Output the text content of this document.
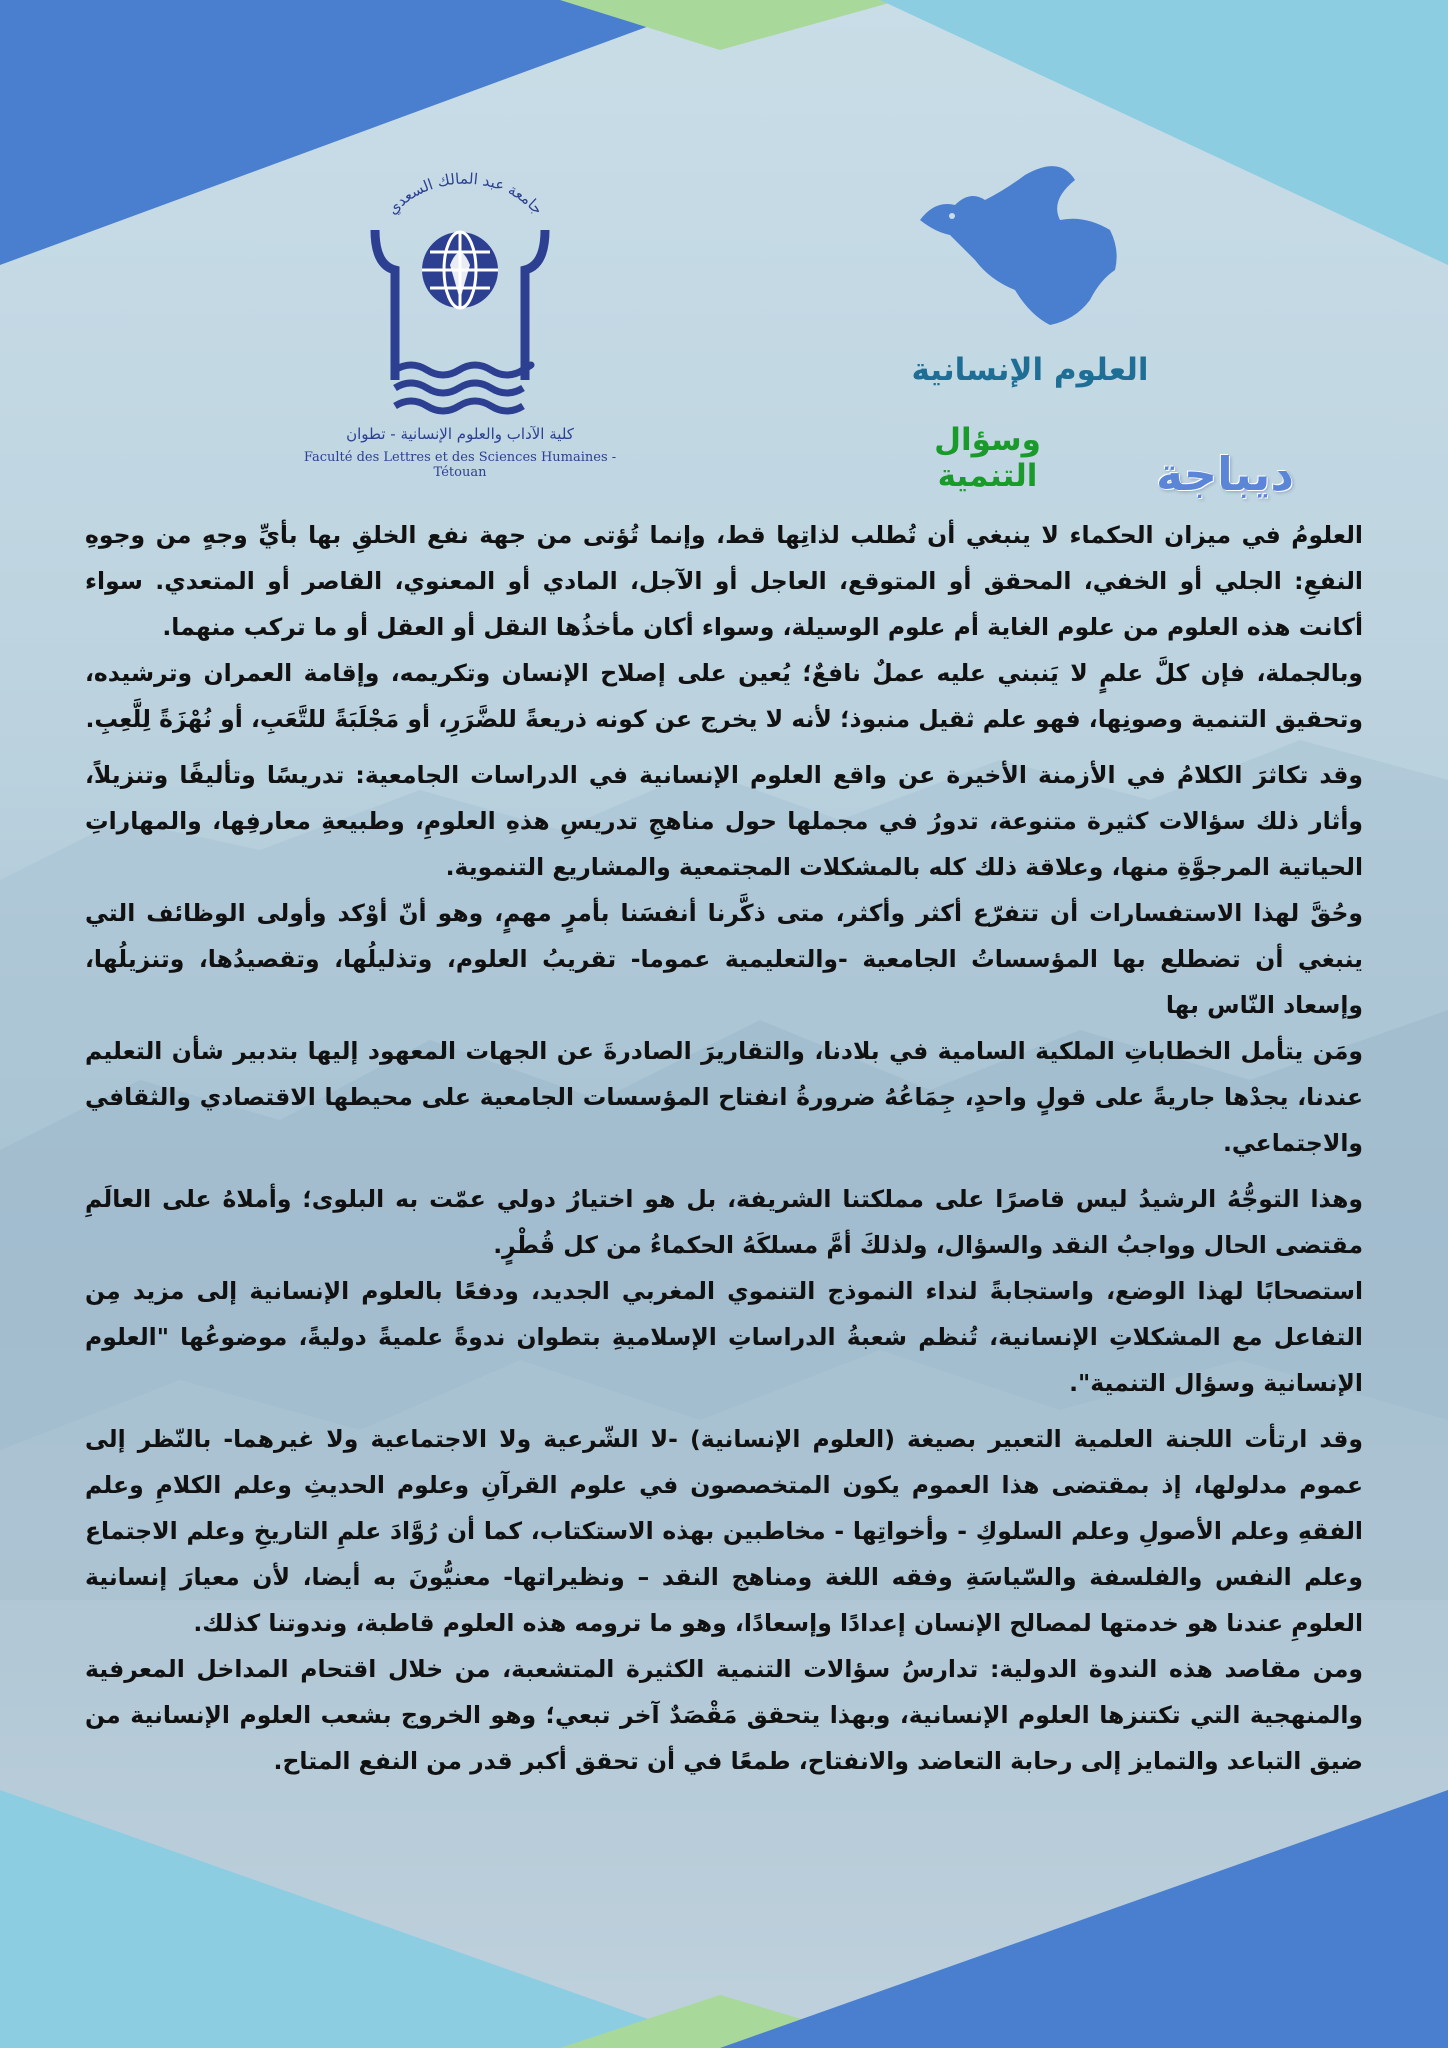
جامعة عبد المالك السعدي
كلية الآداب والعلوم الإنسانية - تطوان
Faculté des Lettres et des Sciences Humaines - Tétouan
العلوم الإنسانية
وسؤال التنمية	ديباجة

العلومُ في ميزان الحكماء لا ينبغي أن تُطلب لذاتِها قط، وإنما تُؤتى من جهة نفع الخلقِ بها بأيِّ وجهٍ من وجوهِ النفعِ: الجلي أو الخفي، المحقق أو المتوقع، العاجل أو الآجل، المادي أو المعنوي، القاصر أو المتعدي. سواء أكانت هذه العلوم من علوم الغاية أم علوم الوسيلة، وسواء أكان مأخذُها النقل أو العقل أو ما تركب منهما.

وبالجملة، فإن كلَّ علمٍ لا يَنبني عليه عملٌ نافعٌ؛ يُعين على إصلاح الإنسان وتكريمه، وإقامة العمران وترشيده، وتحقيق التنمية وصونِها، فهو علم ثقيل منبوذ؛ لأنه لا يخرج عن كونه ذريعةً للضَّرَرِ، أو مَجْلَبَةً للتَّعَبِ، أو نُهْزَةً لِلَّعِبِ.

وقد تكاثرَ الكلامُ في الأزمنة الأخيرة عن واقع العلوم الإنسانية في الدراسات الجامعية: تدريسًا وتأليفًا وتنزيلاً، وأثار ذلك سؤالات كثيرة متنوعة، تدورُ في مجملها حول مناهجِ تدريسِ هذهِ العلومِ، وطبيعةِ معارفِها، والمهاراتِ الحياتية المرجوَّةِ منها، وعلاقة ذلك كله بالمشكلات المجتمعية والمشاريع التنموية.

وحُقَّ لهذا الاستفسارات أن تتفرّع أكثر وأكثر، متى ذكَّرنا أنفسَنا بأمرٍ مهمٍ، وهو أنّ أوْكد وأولى الوظائف التي ينبغي أن تضطلع بها المؤسساتُ الجامعية -والتعليمية عموما- تقريبُ العلوم، وتذليلُها، وتقصيدُها، وتنزيلُها، وإسعاد النّاس بها

ومَن يتأمل الخطاباتِ الملكية السامية في بلادنا، والتقاريرَ الصادرةَ عن الجهات المعهود إليها بتدبير شأن التعليم عندنا، يجدْها جاريةً على قولٍ واحدٍ، جِمَاعُهُ ضرورةُ انفتاح المؤسسات الجامعية على محيطها الاقتصادي والثقافي والاجتماعي.

وهذا التوجُّهُ الرشيدُ ليس قاصرًا على مملكتنا الشريفة، بل هو اختيارُ دولي عمّت به البلوى؛ وأملاهُ على العالَمِ مقتضى الحال وواجبُ النقد والسؤال، ولذلكَ أمَّ مسلكَهُ الحكماءُ من كل قُطْرٍ.

استصحابًا لهذا الوضع، واستجابةً لنداء النموذج التنموي المغربي الجديد، ودفعًا بالعلوم الإنسانية إلى مزيد مِن التفاعل مع المشكلاتِ الإنسانية، تُنظم شعبةُ الدراساتِ الإسلاميةِ بتطوان ندوةً علميةً دوليةً، موضوعُها "العلوم الإنسانية وسؤال التنمية".

وقد ارتأت اللجنة العلمية التعبير بصيغة (العلوم الإنسانية) -لا الشّرعية ولا الاجتماعية ولا غيرهما- بالنّظر إلى عموم مدلولها، إذ بمقتضى هذا العموم يكون المتخصصون في علوم القرآنِ وعلوم الحديثِ وعلم الكلامِ وعلم الفقهِ وعلم الأصولِ وعلم السلوكِ - وأخواتِها - مخاطبين بهذه الاستكتاب، كما أن رُوَّادَ علمِ التاريخِ وعلم الاجتماع وعلم النفس والفلسفة والسّياسَةِ وفقه اللغة ومناهج النقد – ونظيراتها- معنيُّونَ به أيضا، لأن معيارَ إنسانية العلومِ عندنا هو خدمتها لمصالح الإنسان إعدادًا وإسعادًا، وهو ما ترومه هذه العلوم قاطبة، وندوتنا كذلك.

ومن مقاصد هذه الندوة الدولية: تدارسُ سؤالات التنمية الكثيرة المتشعبة، من خلال اقتحام المداخل المعرفية والمنهجية التي تكتنزها العلوم الإنسانية، وبهذا يتحقق مَقْصَدٌ آخر تبعي؛ وهو الخروج بشعب العلوم الإنسانية من ضيق التباعد والتمايز إلى رحابة التعاضد والانفتاح، طمعًا في أن تحقق أكبر قدر من النفع المتاح.
